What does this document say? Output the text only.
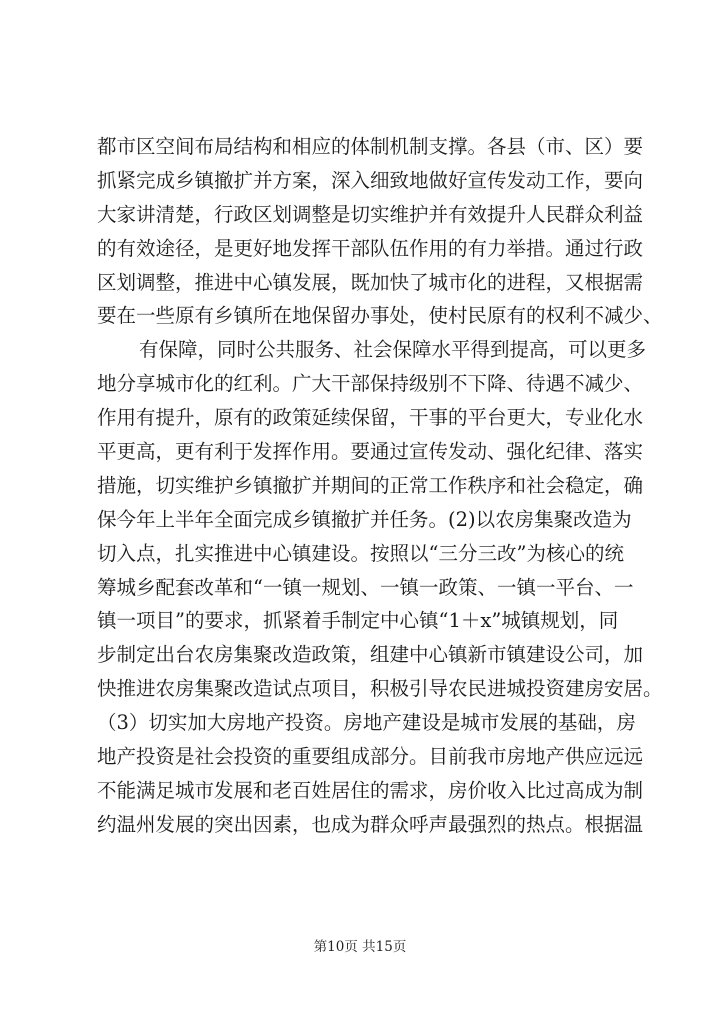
都市区空间布局结构和相应的体制机制支撑。各县（市、区）要
抓紧完成乡镇撤扩并方案，深入细致地做好宣传发动工作，要向
大家讲清楚，行政区划调整是切实维护并有效提升人民群众利益
的有效途径，是更好地发挥干部队伍作用的有力举措。通过行政
区划调整，推进中心镇发展，既加快了城市化的进程，又根据需
要在一些原有乡镇所在地保留办事处，使村民原有的权利不减少、
有保障，同时公共服务、社会保障水平得到提高，可以更多
地分享城市化的红利。广大干部保持级别不下降、待遇不减少、
作用有提升，原有的政策延续保留，干事的平台更大，专业化水
平更高，更有利于发挥作用。要通过宣传发动、强化纪律、落实
措施，切实维护乡镇撤扩并期间的正常工作秩序和社会稳定，确
保今年上半年全面完成乡镇撤扩并任务。(2)以农房集聚改造为
切入点，扎实推进中心镇建设。按照以“三分三改”为核心的统
筹城乡配套改革和“一镇一规划、一镇一政策、一镇一平台、一
镇一项目”的要求，抓紧着手制定中心镇“1＋x”城镇规划，同
步制定出台农房集聚改造政策，组建中心镇新市镇建设公司，加
快推进农房集聚改造试点项目，积极引导农民进城投资建房安居。
（3）切实加大房地产投资。房地产建设是城市发展的基础，房
地产投资是社会投资的重要组成部分。目前我市房地产供应远远
不能满足城市发展和老百姓居住的需求，房价收入比过高成为制
约温州发展的突出因素，也成为群众呼声最强烈的热点。根据温
第10页 共15页
